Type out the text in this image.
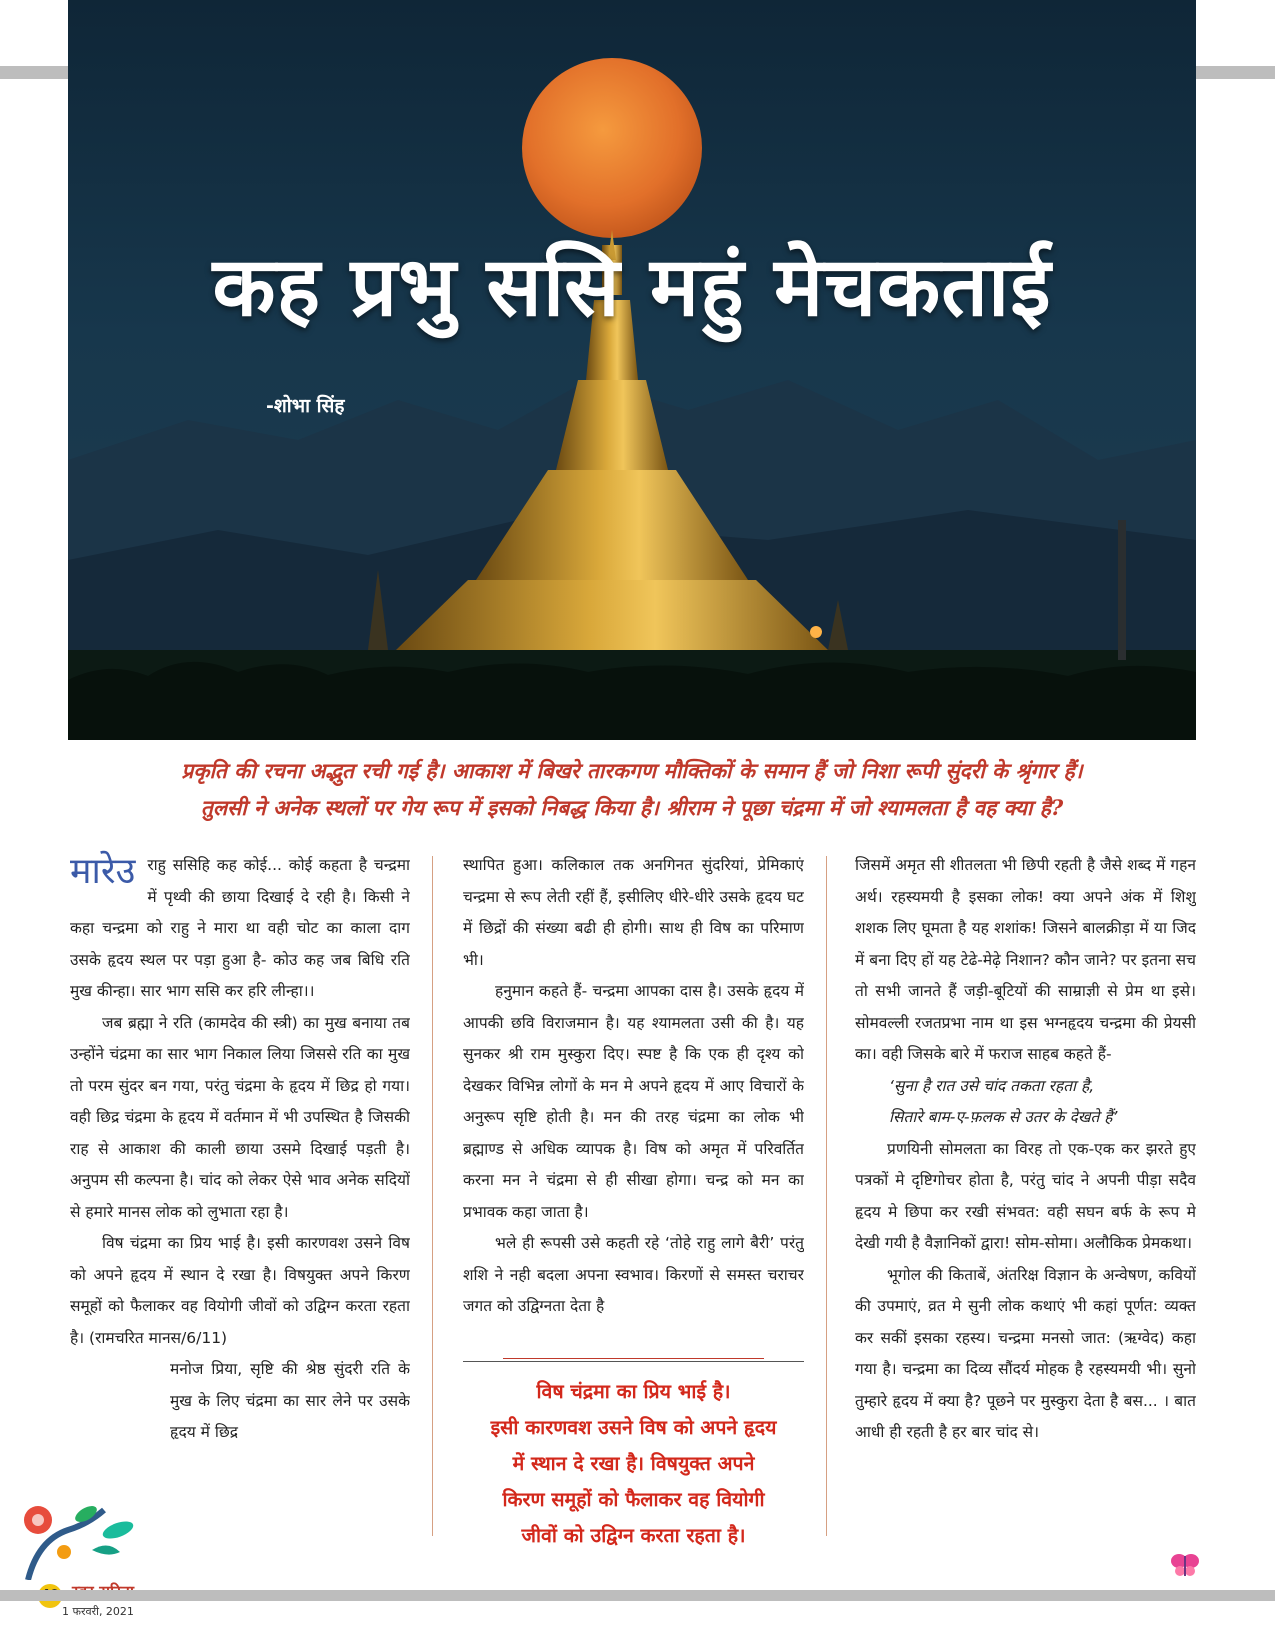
कह प्रभु ससि महुं मेचकताई

-शोभा सिंह

प्रकृति की रचना अद्भुत रची गई है। आकाश में बिखरे तारकगण मौक्तिकों के समान हैं जो निशा रूपी सुंदरी के श्रृंगार हैं।
तुलसी ने अनेक स्थलों पर गेय रूप में इसको निबद्ध किया है। श्रीराम ने पूछा चंद्रमा में जो श्यामलता है वह क्या है?

मारेउ राहु ससिहि कह कोई... कोई कहता है चन्द्रमा में पृथ्वी की छाया दिखाई दे रही है। किसी ने कहा चन्द्रमा को राहु ने मारा था वही चोट का काला दाग उसके हृदय स्थल पर पड़ा हुआ है- कोउ कह जब बिधि रति मुख कीन्हा। सार भाग ससि कर हरि लीन्हा।।

जब ब्रह्मा ने रति (कामदेव की स्त्री) का मुख बनाया तब उन्होंने चंद्रमा का सार भाग निकाल लिया जिससे रति का मुख तो परम सुंदर बन गया, परंतु चंद्रमा के हृदय में छिद्र हो गया। वही छिद्र चंद्रमा के हृदय में वर्तमान में भी उपस्थित है जिसकी राह से आकाश की काली छाया उसमे दिखाई पड़ती है। अनुपम सी कल्पना है। चांद को लेकर ऐसे भाव अनेक सदियों से हमारे मानस लोक को लुभाता रहा है।

विष चंद्रमा का प्रिय भाई है। इसी कारणवश उसने विष को अपने हृदय में स्थान दे रखा है। विषयुक्त अपने किरण समूहों को फैलाकर वह वियोगी जीवों को उद्विग्न करता रहता है। (रामचरित मानस/6/11)

मनोज प्रिया, सृष्टि की श्रेष्ठ सुंदरी रति के मुख के लिए चंद्रमा का सार लेने पर उसके हृदय में छिद्र

स्थापित हुआ। कलिकाल तक अनगिनत सुंदरियां, प्रेमिकाएं चन्द्रमा से रूप लेती रहीं हैं, इसीलिए धीरे-धीरे उसके हृदय घट में छिद्रों की संख्या बढी ही होगी। साथ ही विष का परिमाण भी।

हनुमान कहते हैं- चन्द्रमा आपका दास है। उसके हृदय में आपकी छवि विराजमान है। यह श्यामलता उसी की है। यह सुनकर श्री राम मुस्कुरा दिए। स्पष्ट है कि एक ही दृश्य को देखकर विभिन्न लोगों के मन मे अपने हृदय में आए विचारों के अनुरूप सृष्टि होती है। मन की तरह चंद्रमा का लोक भी ब्रह्माण्ड से अधिक व्यापक है। विष को अमृत में परिवर्तित करना मन ने चंद्रमा से ही सीखा होगा। चन्द्र को मन का प्रभावक कहा जाता है।

भले ही रूपसी उसे कहती रहे ‘तोहे राहु लागे बैरी’ परंतु शशि ने नही बदला अपना स्वभाव। किरणों से समस्त चराचर जगत को उद्विग्नता देता है

विष चंद्रमा का प्रिय भाई है।
इसी कारणवश उसने विष को अपने हृदय
में स्थान दे रखा है। विषयुक्त अपने
किरण समूहों को फैलाकर वह वियोगी
जीवों को उद्विग्न करता रहता है।

जिसमें अमृत सी शीतलता भी छिपी रहती है जैसे शब्द में गहन अर्थ। रहस्यमयी है इसका लोक! क्या अपने अंक में शिशु शशक लिए घूमता है यह शशांक! जिसने बालक्रीड़ा में या जिद में बना दिए हों यह टेढे-मेढ़े निशान? कौन जाने? पर इतना सच तो सभी जानते हैं जड़ी-बूटियों की साम्राज्ञी से प्रेम था इसे। सोमवल्ली रजतप्रभा नाम था इस भग्नहृदय चन्द्रमा की प्रेयसी का। वही जिसके बारे में फराज साहब कहते हैं-

‘सुना है रात उसे चांद तकता रहता है,

सितारे बाम-ए-फ़लक से उतर के देखते हैं’

प्रणयिनी सोमलता का विरह तो एक-एक कर झरते हुए पत्रकों मे दृष्टिगोचर होता है, परंतु चांद ने अपनी पीड़ा सदैव हृदय मे छिपा कर रखी संभवत: वही सघन बर्फ के रूप मे देखी गयी है वैज्ञानिकों द्वारा! सोम-सोमा। अलौकिक प्रेमकथा।

भूगोल की किताबें, अंतरिक्ष विज्ञान के अन्वेषण, कवियों की उपमाएं, व्रत मे सुनी लोक कथाएं भी कहां पूर्णत: व्यक्त कर सकीं इसका रहस्य। चन्द्रमा मनसो जात: (ऋग्वेद) कहा गया है। चन्द्रमा का दिव्य सौंदर्य मोहक है रहस्यमयी भी। सुनो तुम्हारे हृदय में क्या है? पूछने पर मुस्कुरा देता है बस... । बात आधी ही रहती है हर बार चांद से।

1 फरवरी, 2021
